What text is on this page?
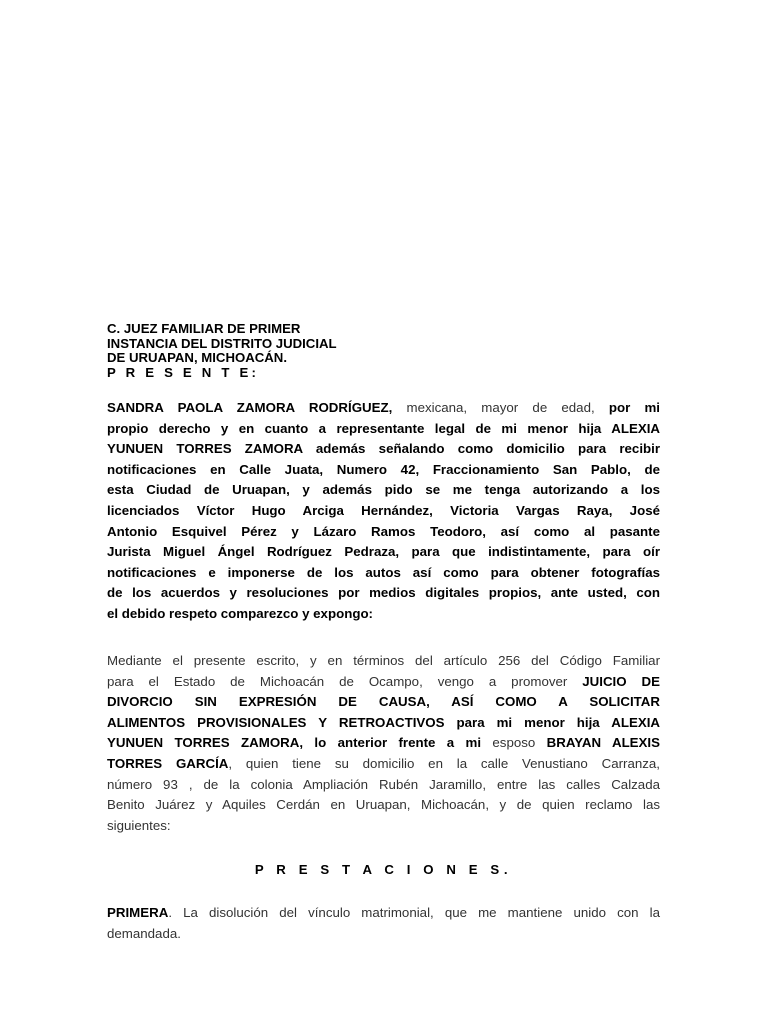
C. JUEZ FAMILIAR DE PRIMER
INSTANCIA DEL DISTRITO JUDICIAL
DE URUAPAN, MICHOACÁN.
P R E S E N T E:
SANDRA PAOLA ZAMORA RODRÍGUEZ, mexicana, mayor de edad, por mi
propio derecho y en cuanto a representante legal de mi menor hija ALEXIA
YUNUEN TORRES ZAMORA además señalando como domicilio para recibir
notificaciones en Calle Juata, Numero 42, Fraccionamiento San Pablo, de
esta Ciudad de Uruapan, y además pido se me tenga autorizando a los
licenciados Víctor Hugo Arciga Hernández, Victoria Vargas Raya, José
Antonio Esquivel Pérez y Lázaro Ramos Teodoro, así como al pasante
Jurista Miguel Ángel Rodríguez Pedraza, para que indistintamente, para oír
notificaciones e imponerse de los autos así como para obtener fotografías
de los acuerdos y resoluciones por medios digitales propios, ante usted, con
el debido respeto comparezco y expongo:
Mediante el presente escrito, y en términos del artículo 256 del Código Familiar
para el Estado de Michoacán de Ocampo, vengo a promover JUICIO DE
DIVORCIO SIN EXPRESIÓN DE CAUSA, ASÍ COMO A SOLICITAR
ALIMENTOS PROVISIONALES Y RETROACTIVOS para mi menor hija ALEXIA
YUNUEN TORRES ZAMORA, lo anterior frente a mi esposo BRAYAN ALEXIS
TORRES GARCÍA, quien tiene su domicilio en la calle Venustiano Carranza,
número 93 , de la colonia Ampliación Rubén Jaramillo, entre las calles Calzada
Benito Juárez y Aquiles Cerdán en Uruapan, Michoacán, y de quien reclamo las
siguientes:
P R E S T A C I O N E S.
PRIMERA. La disolución del vínculo matrimonial, que me mantiene unido con la
demandada.
